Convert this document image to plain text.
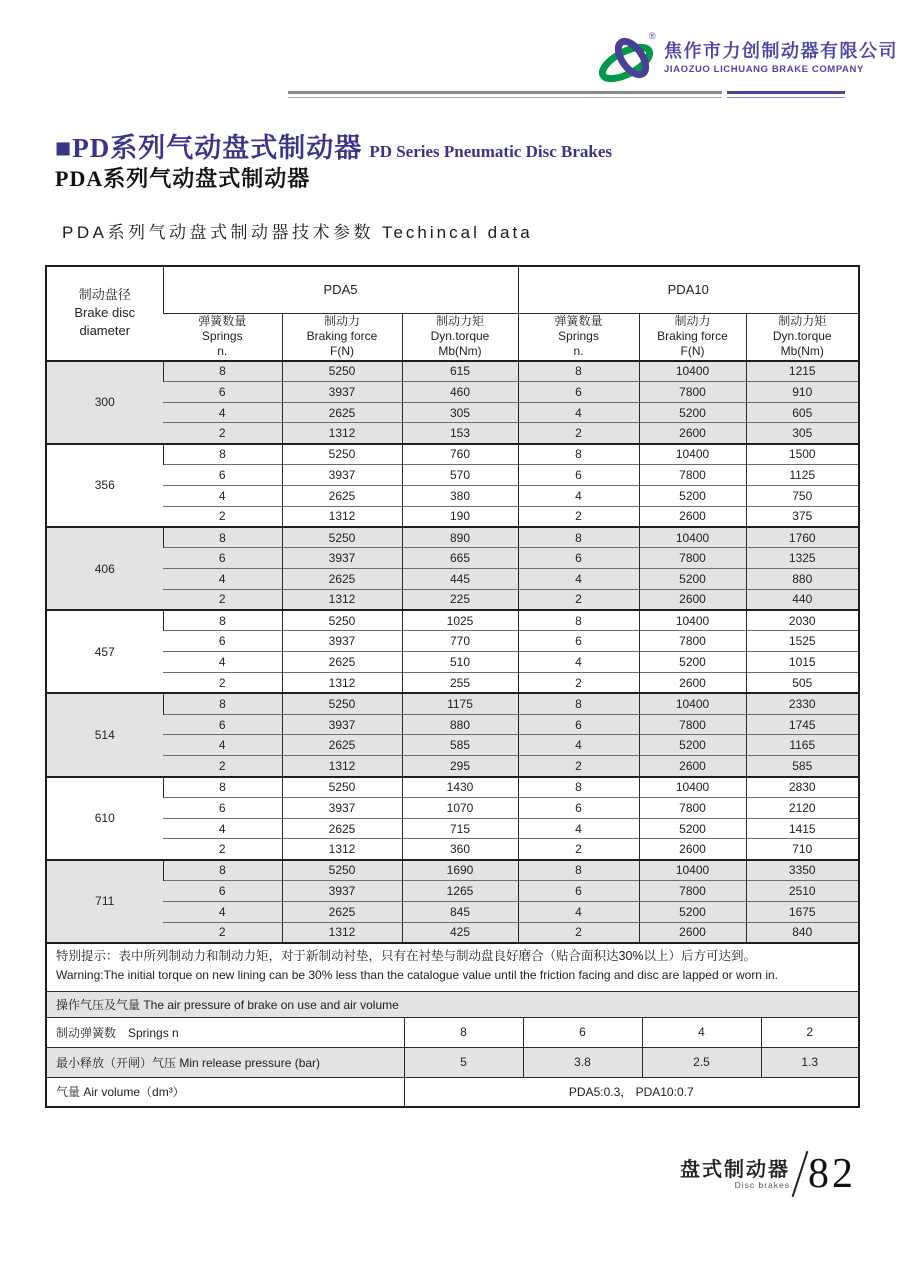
®
焦作市力创制动器有限公司
JIAOZUO LICHUANG BRAKE COMPANY
■PD系列气动盘式制动器 PD Series Pneumatic Disc Brakes
PDA系列气动盘式制动器
PDA系列气动盘式制动器技术参数 Techincal data
制动盘径
Brake disc
diameter	PDA5			PDA10		

弹簧数量
Springs
n.

制动力
Braking force
F(N)

制动力矩
Dyn.torque
Mb(Nm)

弹簧数量
Springs
n.

制动力
Braking force
F(N)

制动力矩
Dyn.torque
Mb(Nm)

300	8	5250	615	8	10400	1215
	6	3937	460	6	7800	910
	4	2625	305	4	5200	605
	2	1312	153	2	2600	305
356	8	5250	760	8	10400	1500
	6	3937	570	6	7800	1125
	4	2625	380	4	5200	750
	2	1312	190	2	2600	375
406	8	5250	890	8	10400	1760
	6	3937	665	6	7800	1325
	4	2625	445	4	5200	880
	2	1312	225	2	2600	440
457	8	5250	1025	8	10400	2030
	6	3937	770	6	7800	1525
	4	2625	510	4	5200	1015
	2	1312	255	2	2600	505
514	8	5250	1175	8	10400	2330
	6	3937	880	6	7800	1745
	4	2625	585	4	5200	1165
	2	1312	295	2	2600	585
610	8	5250	1430	8	10400	2830
	6	3937	1070	6	7800	2120
	4	2625	715	4	5200	1415
	2	1312	360	2	2600	710
711	8	5250	1690	8	10400	3350
	6	3937	1265	6	7800	2510
	4	2625	845	4	5200	1675
	2	1312	425	2	2600	840
特别提示：表中所列制动力和制动力矩，对于新制动衬垫，只有在衬垫与制动盘良好磨合（贴合面积达30%以上）后方可达到。
Warning:The initial torque on new lining can be 30% less than the catalogue value until the friction facing and disc are lapped or worn in.				

操作气压及气量 The air pressure of brake on use and air volume				
制动弹簧数　Springs n	8	6	4	2
最小释放（开闸）气压 Min release pressure (bar)	5	3.8	2.5	1.3
气量 Air volume（dm³）	PDA5:0.3， PDA10:0.7			
盘式制动器
Disc brakes 82
